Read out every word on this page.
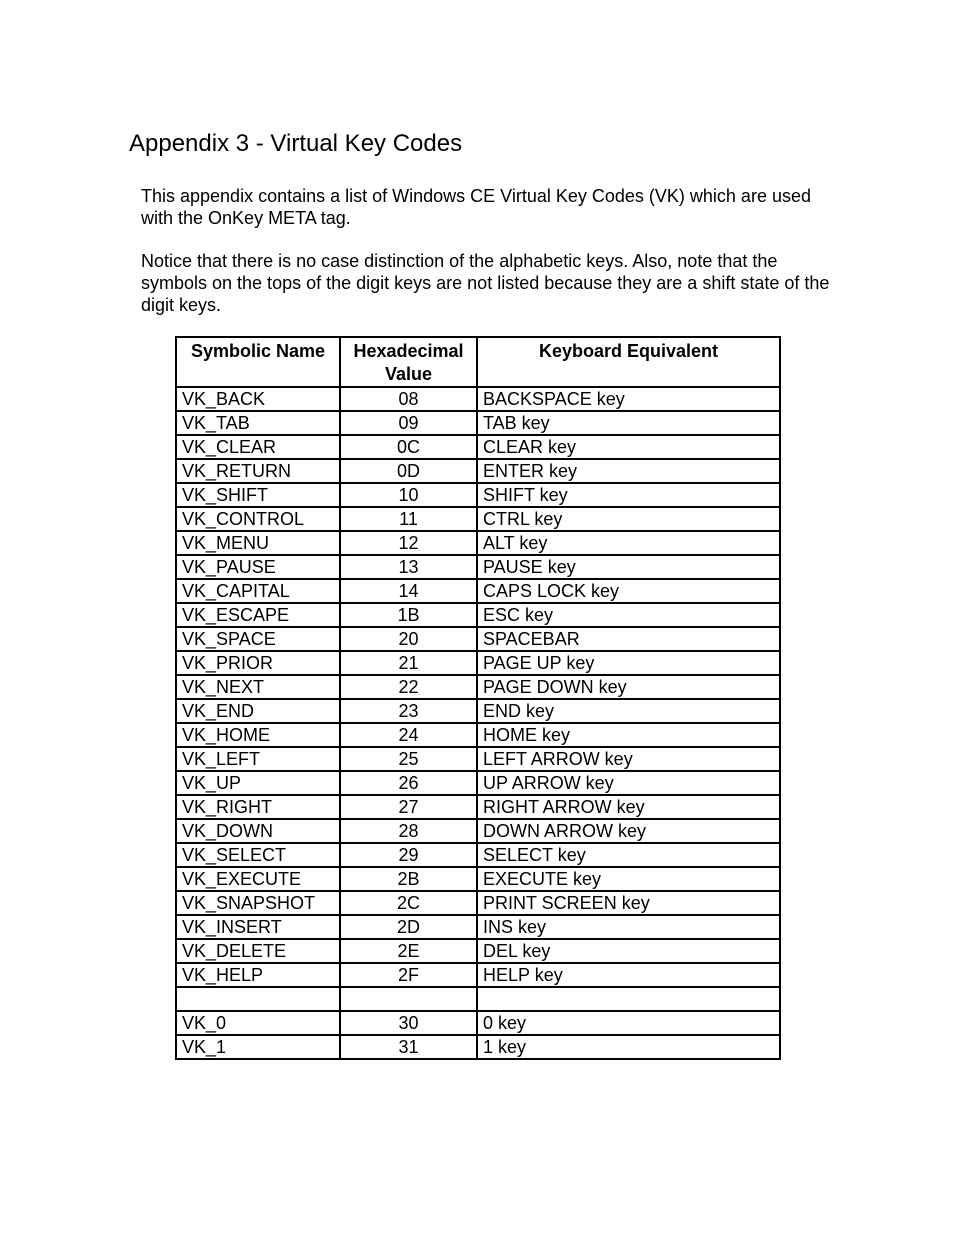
Appendix 3 - Virtual Key Codes

This appendix contains a list of Windows CE Virtual Key Codes (VK) which are used with the OnKey META tag.

Notice that there is no case distinction of the alphabetic keys. Also, note that the symbols on the tops of the digit keys are not listed because they are a shift state of the digit keys.

Symbolic Name	Hexadecimal Value	Keyboard Equivalent
VK_BACK	08	BACKSPACE key
VK_TAB	09	TAB key
VK_CLEAR	0C	CLEAR key
VK_RETURN	0D	ENTER key
VK_SHIFT	10	SHIFT key
VK_CONTROL	11	CTRL key
VK_MENU	12	ALT key
VK_PAUSE	13	PAUSE key
VK_CAPITAL	14	CAPS LOCK key
VK_ESCAPE	1B	ESC key
VK_SPACE	20	SPACEBAR
VK_PRIOR	21	PAGE UP key
VK_NEXT	22	PAGE DOWN key
VK_END	23	END key
VK_HOME	24	HOME key
VK_LEFT	25	LEFT ARROW key
VK_UP	26	UP ARROW key
VK_RIGHT	27	RIGHT ARROW key
VK_DOWN	28	DOWN ARROW key
VK_SELECT	29	SELECT key
VK_EXECUTE	2B	EXECUTE key
VK_SNAPSHOT	2C	PRINT SCREEN key
VK_INSERT	2D	INS key
VK_DELETE	2E	DEL key
VK_HELP	2F	HELP key

VK_0	30	0 key
VK_1	31	1 key
